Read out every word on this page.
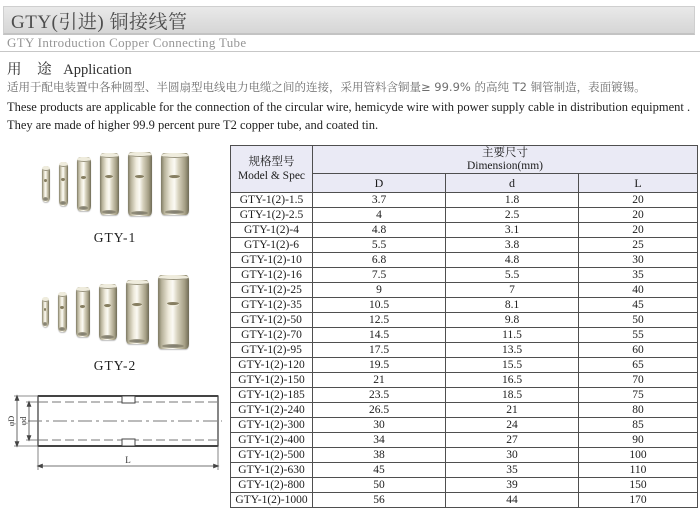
GTY(引进) 铜接线管
GTY Introduction Copper Connecting Tube
用 途 Application
适用于配电装置中各种圆型、半圆扇型电线电力电缆之间的连接，采用管料含铜量≥ 99.9% 的高纯 T2 铜管制造，表面镀锡。
These products are applicable for the connection of the circular wire, hemicyde wire with power supply cable in distribution equipment . They are made of higher 99.9 percent pure T2 copper tube, and coated tin.
GTY-1
GTY-2
φD φd
L
规格型号
Model & Spec

主要尺寸
Dimension(mm)

	D	d	L
GTY-1(2)-1.5	3.7	1.8	20
GTY-1(2)-2.5	4	2.5	20
GTY-1(2)-4	4.8	3.1	20
GTY-1(2)-6	5.5	3.8	25
GTY-1(2)-10	6.8	4.8	30
GTY-1(2)-16	7.5	5.5	35
GTY-1(2)-25	9	7	40
GTY-1(2)-35	10.5	8.1	45
GTY-1(2)-50	12.5	9.8	50
GTY-1(2)-70	14.5	11.5	55
GTY-1(2)-95	17.5	13.5	60
GTY-1(2)-120	19.5	15.5	65
GTY-1(2)-150	21	16.5	70
GTY-1(2)-185	23.5	18.5	75
GTY-1(2)-240	26.5	21	80
GTY-1(2)-300	30	24	85
GTY-1(2)-400	34	27	90
GTY-1(2)-500	38	30	100
GTY-1(2)-630	45	35	110
GTY-1(2)-800	50	39	150
GTY-1(2)-1000	56	44	170
